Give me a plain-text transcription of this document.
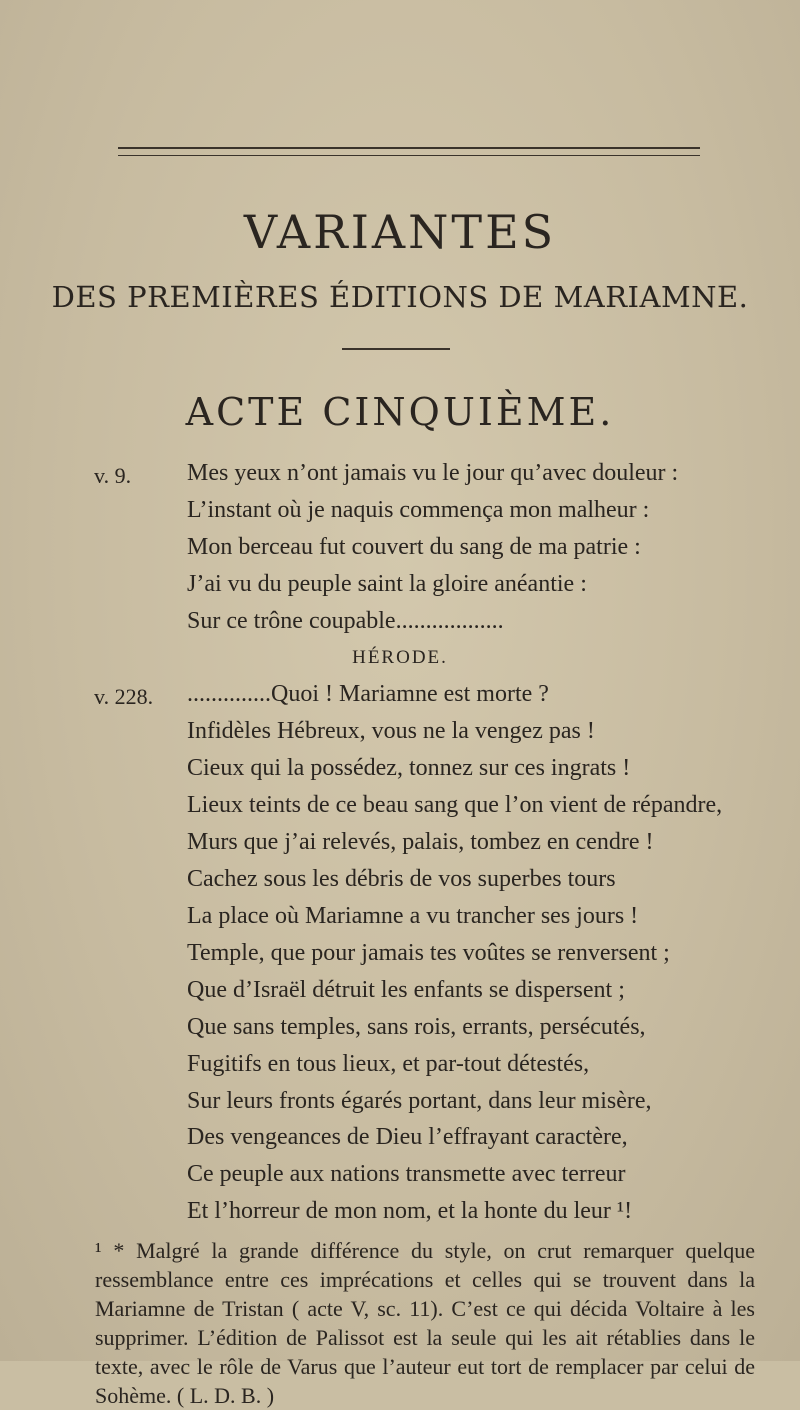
VARIANTES
DES PREMIÈRES ÉDITIONS DE MARIAMNE.
ACTE CINQUIÈME.
v. 9. Mes yeux n’ont jamais vu le jour qu’avec douleur :
L’instant où je naquis commença mon malheur :
Mon berceau fut couvert du sang de ma patrie :
J’ai vu du peuple saint la gloire anéantie :
Sur ce trône coupable..................
HÉRODE.
v. 228. ..............Quoi ! Mariamne est morte ?
Infidèles Hébreux, vous ne la vengez pas !
Cieux qui la possédez, tonnez sur ces ingrats !
Lieux teints de ce beau sang que l’on vient de répandre,
Murs que j’ai relevés, palais, tombez en cendre !
Cachez sous les débris de vos superbes tours
La place où Mariamne a vu trancher ses jours !
Temple, que pour jamais tes voûtes se renversent ;
Que d’Israël détruit les enfants se dispersent ;
Que sans temples, sans rois, errants, persécutés,
Fugitifs en tous lieux, et par-tout détestés,
Sur leurs fronts égarés portant, dans leur misère,
Des vengeances de Dieu l’effrayant caractère,
Ce peuple aux nations transmette avec terreur
Et l’horreur de mon nom, et la honte du leur ¹!
¹ * Malgré la grande différence du style, on crut remarquer quelque ressemblance entre ces imprécations et celles qui se trouvent dans la Mariamne de Tristan ( acte V, sc. 11). C’est ce qui décida Voltaire à les supprimer. L’édition de Palissot est la seule qui les ait rétablies dans le texte, avec le rôle de Varus que l’auteur eut tort de remplacer par celui de Sohème. ( L. D. B. )
